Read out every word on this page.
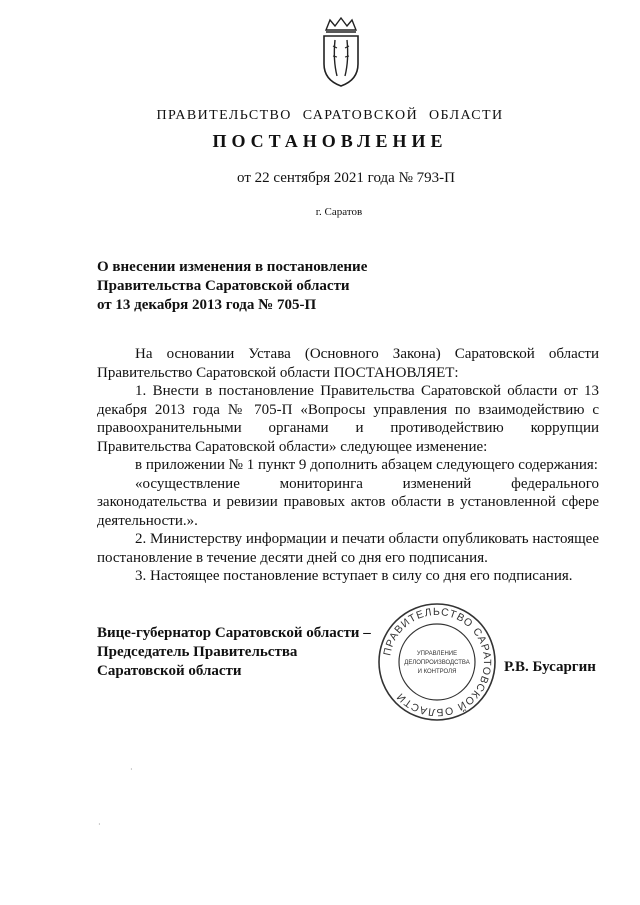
ПРАВИТЕЛЬСТВО САРАТОВСКОЙ ОБЛАСТИ
ПОСТАНОВЛЕНИЕ
от 22 сентября 2021 года № 793-П
г. Саратов
О внесении изменения в постановление
Правительства Саратовской области
от 13 декабря 2013 года № 705-П

На основании Устава (Основного Закона) Саратовской области Правительство Саратовской области ПОСТАНОВЛЯЕТ:

1. Внести в постановление Правительства Саратовской области от 13 декабря 2013 года № 705-П «Вопросы управления по взаимодействию с правоохранительными органами и противодействию коррупции Правительства Саратовской области» следующее изменение:

в приложении № 1 пункт 9 дополнить абзацем следующего содержания:

«осуществление мониторинга изменений федерального законодательства и ревизии правовых актов области в установленной сфере деятельности.».

2. Министерству информации и печати области опубликовать настоящее постановление в течение десяти дней со дня его подписания.

3. Настоящее постановление вступает в силу со дня его подписания.

Вице-губернатор Саратовской области –
Председатель Правительства
Саратовской области
ПРАВИТЕЛЬСТВО САРАТОВСКОЙ ОБЛАСТИ
УПРАВЛЕНИЕ
ДЕЛОПРОИЗВОДСТВА
И КОНТРОЛЯ	Р.В. Бусаргин
·
·
